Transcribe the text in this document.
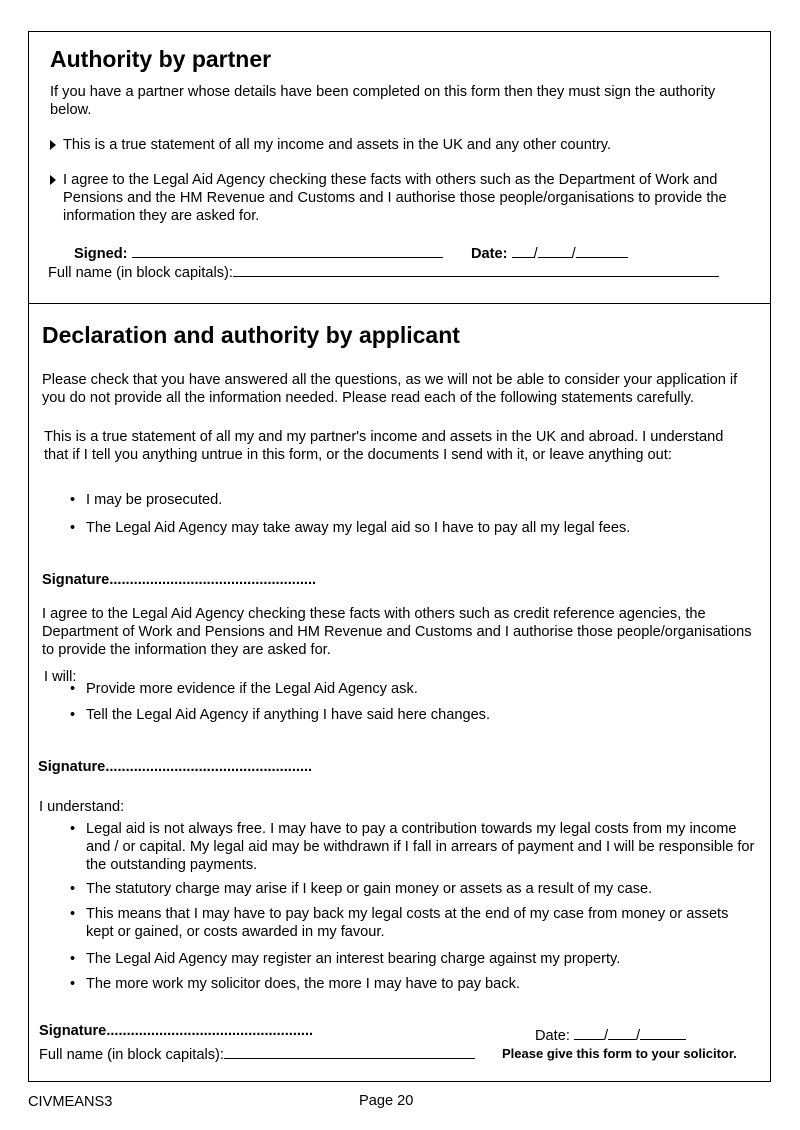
Authority by partner

If you have a partner whose details have been completed on this form then they must sign the authority below.

This is a true statement of all my income and assets in the UK and any other country.
I agree to the Legal Aid Agency checking these facts with others such as the Department of Work and Pensions and the HM Revenue and Customs and I authorise those people/organisations to provide the information they are asked for.
Signed:	Date: / /
Full name (in block capitals):
Declaration and authority by applicant

Please check that you have answered all the questions, as we will not be able to consider your application if you do not provide all the information needed. Please read each of the following statements carefully.

This is a true statement of all my and my partner's income and assets in the UK and abroad. I understand that if I tell you anything untrue in this form, or the documents I send with it, or leave anything out:

• I may be prosecuted.
• The Legal Aid Agency may take away my legal aid so I have to pay all my legal fees.
Signature...................................................

I agree to the Legal Aid Agency checking these facts with others such as credit reference agencies, the Department of Work and Pensions and HM Revenue and Customs and I authorise those people/organisations to provide the information they are asked for.

I will:

• Provide more evidence if the Legal Aid Agency ask.
• Tell the Legal Aid Agency if anything I have said here changes.
Signature...................................................

I understand:

• Legal aid is not always free. I may have to pay a contribution towards my legal costs from my income and / or capital. My legal aid may be withdrawn if I fall in arrears of payment and I will be responsible for the outstanding payments.
• The statutory charge may arise if I keep or gain money or assets as a result of my case.
• This means that I may have to pay back my legal costs at the end of my case from money or assets kept or gained, or costs awarded in my favour.
• The Legal Aid Agency may register an interest bearing charge against my property.
• The more work my solicitor does, the more I may have to pay back.
Signature...................................................	Date: / /
Full name (in block capitals):	Please give this form to your solicitor.
CIVMEANS3	Page 20
